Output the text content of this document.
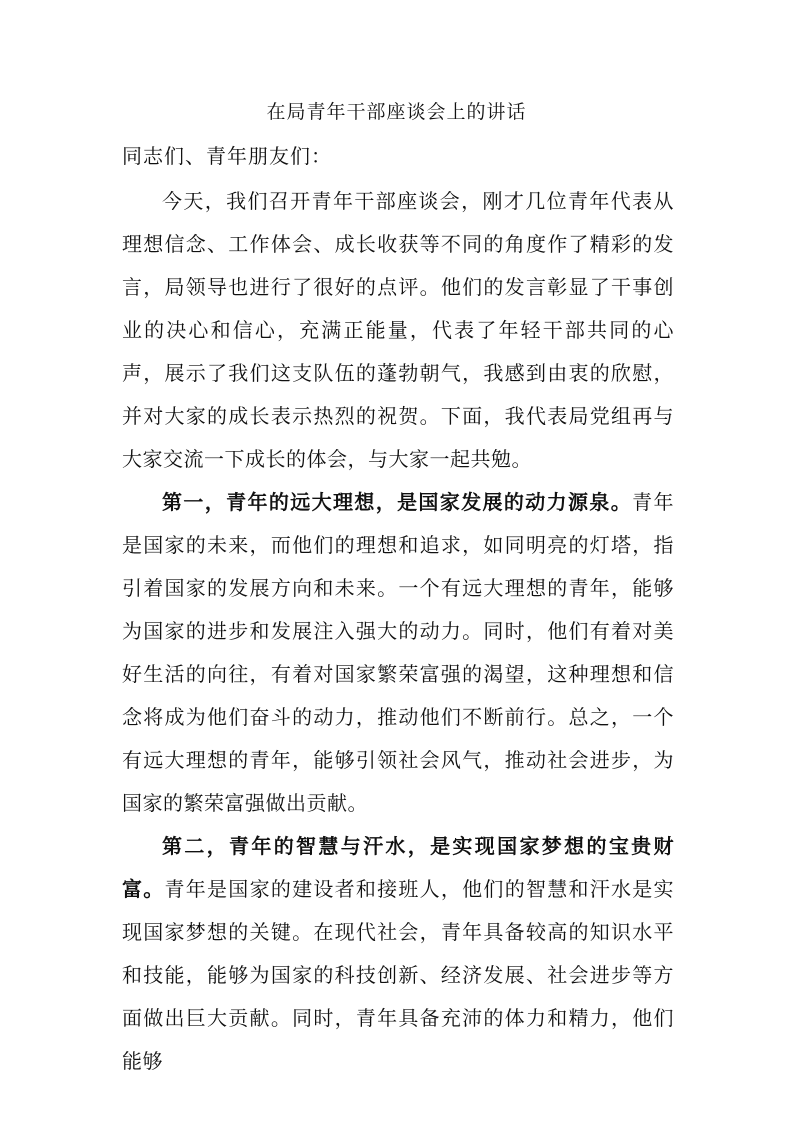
在局青年干部座谈会上的讲话

同志们、青年朋友们：

今天，我们召开青年干部座谈会，刚才几位青年代表从理想信念、工作体会、成长收获等不同的角度作了精彩的发言，局领导也进行了很好的点评。他们的发言彰显了干事创业的决心和信心，充满正能量，代表了年轻干部共同的心声，展示了我们这支队伍的蓬勃朝气，我感到由衷的欣慰，并对大家的成长表示热烈的祝贺。下面，我代表局党组再与大家交流一下成长的体会，与大家一起共勉。

第一，青年的远大理想，是国家发展的动力源泉。青年是国家的未来，而他们的理想和追求，如同明亮的灯塔，指引着国家的发展方向和未来。一个有远大理想的青年，能够为国家的进步和发展注入强大的动力。同时，他们有着对美好生活的向往，有着对国家繁荣富强的渴望，这种理想和信念将成为他们奋斗的动力，推动他们不断前行。总之，一个有远大理想的青年，能够引领社会风气，推动社会进步，为国家的繁荣富强做出贡献。

第二，青年的智慧与汗水，是实现国家梦想的宝贵财富。青年是国家的建设者和接班人，他们的智慧和汗水是实现国家梦想的关键。在现代社会，青年具备较高的知识水平和技能，能够为国家的科技创新、经济发展、社会进步等方面做出巨大贡献。同时，青年具备充沛的体力和精力，他们能够
